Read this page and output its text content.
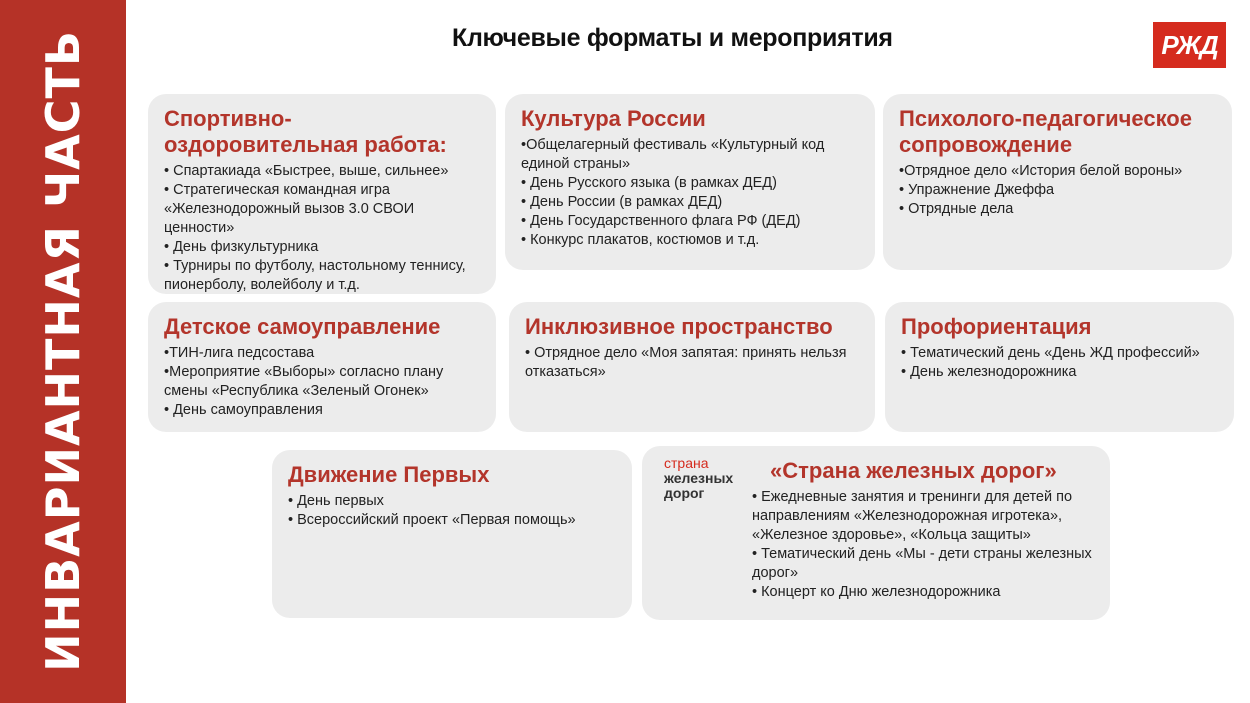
ИНВАРИАНТНАЯ ЧАСТЬ	Ключевые форматы и мероприятия	РЖД
Спортивно-оздоровительная работа:
• Спартакиада «Быстрее, выше, сильнее»
• Стратегическая командная игра «Железнодорожный вызов 3.0 СВОИ ценности»
• День физкультурника
• Турниры по футболу, настольному теннису, пионерболу, волейболу и т.д.
Культура России
•Общелагерный фестиваль «Культурный код единой страны»
• День Русского языка (в рамках ДЕД)
• День России (в рамках ДЕД)
• День Государственного флага РФ (ДЕД)
• Конкурс плакатов, костюмов и т.д.
Психолого-педагогическое сопровождение
•Отрядное дело «История белой вороны»
• Упражнение Джеффа
• Отрядные дела
Детское самоуправление
•ТИН-лига педсостава
•Мероприятие «Выборы» согласно плану смены «Республика «Зеленый Огонек»
• День самоуправления
Инклюзивное пространство
• Отрядное дело «Моя запятая: принять нельзя отказаться»
Профориентация
• Тематический день «День ЖД профессий»
• День железнодорожника
Движение Первых
• День первых
• Всероссийский проект «Первая помощь»
«Страна железных дорог»
• Ежедневные занятия и тренинги для детей по направлениям «Железнодорожная игротека», «Железное здоровье», «Кольца защиты»
• Тематический день «Мы - дети страны железных дорог»
• Концерт ко Дню железнодорожника
страна
железных
дорог
